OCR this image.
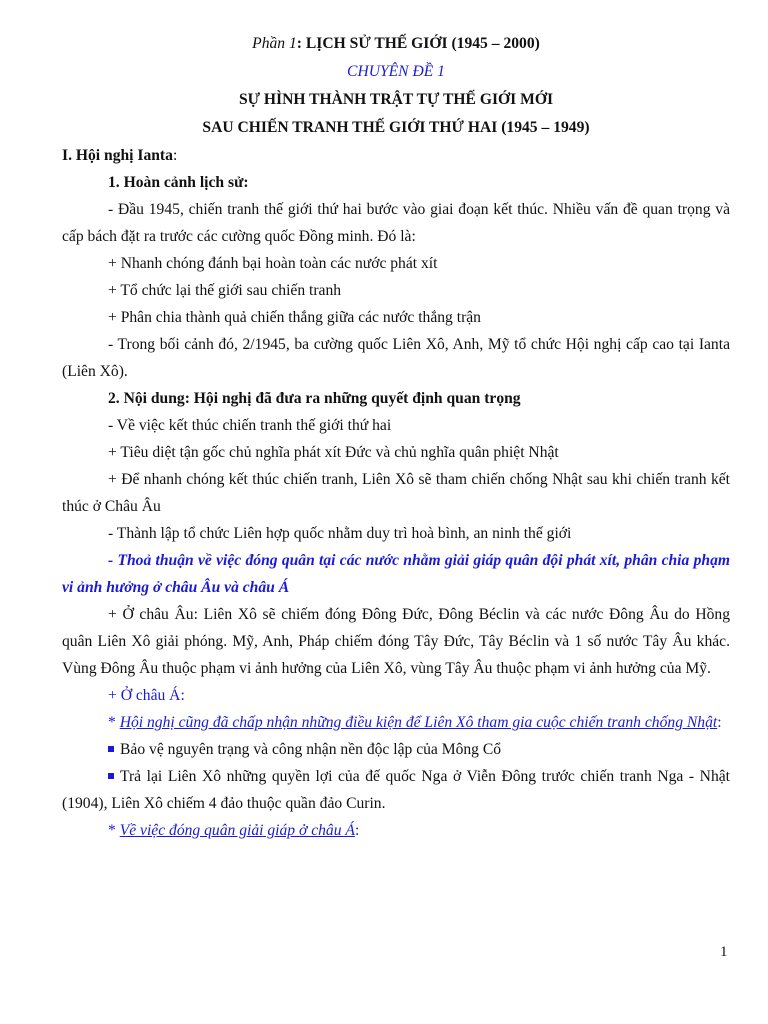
Phần 1: LỊCH SỬ THẾ GIỚI (1945 – 2000)

CHUYÊN ĐỀ 1

SỰ HÌNH THÀNH TRẬT TỰ THẾ GIỚI MỚI

SAU CHIẾN TRANH THẾ GIỚI THỨ HAI (1945 – 1949)

I. Hội nghị Ianta:

1. Hoàn cảnh lịch sử:

- Đầu 1945, chiến tranh thế giới thứ hai bước vào giai đoạn kết thúc. Nhiều vấn đề quan trọng và cấp bách đặt ra trước các cường quốc Đồng minh. Đó là:

+ Nhanh chóng đánh bại hoàn toàn các nước phát xít

+ Tổ chức lại thế giới sau chiến tranh

+ Phân chia thành quả chiến thắng giữa các nước thắng trận

- Trong bối cảnh đó, 2/1945, ba cường quốc Liên Xô, Anh, Mỹ tổ chức Hội nghị cấp cao tại Ianta (Liên Xô).

2. Nội dung: Hội nghị đã đưa ra những quyết định quan trọng

- Về việc kết thúc chiến tranh thế giới thứ hai

+ Tiêu diệt tận gốc chủ nghĩa phát xít Đức và chủ nghĩa quân phiệt Nhật

+ Để nhanh chóng kết thúc chiến tranh, Liên Xô sẽ tham chiến chống Nhật sau khi chiến tranh kết thúc ở Châu Âu

- Thành lập tổ chức Liên hợp quốc nhằm duy trì hoà bình, an ninh thế giới

- Thoả thuận về việc đóng quân tại các nước nhằm giải giáp quân đội phát xít, phân chia phạm vi ảnh hưởng ở châu Âu và châu Á

+ Ở châu Âu: Liên Xô sẽ chiếm đóng Đông Đức, Đông Béclin và các nước Đông Âu do Hồng quân Liên Xô giải phóng. Mỹ, Anh, Pháp chiếm đóng Tây Đức, Tây Béclin và 1 số nước Tây Âu khác. Vùng Đông Âu thuộc phạm vi ảnh hưởng của Liên Xô, vùng Tây Âu thuộc phạm vi ảnh hưởng của Mỹ.

+ Ở châu Á:

* Hội nghị cũng đã chấp nhận những điều kiện để Liên Xô tham gia cuộc chiến tranh chống Nhật:

Bảo vệ nguyên trạng và công nhận nền độc lập của Mông Cổ

Trả lại Liên Xô những quyền lợi của đế quốc Nga ở Viễn Đông trước chiến tranh Nga - Nhật (1904), Liên Xô chiếm 4 đảo thuộc quần đảo Curin.

* Về việc đóng quân giải giáp ở châu Á:

1
